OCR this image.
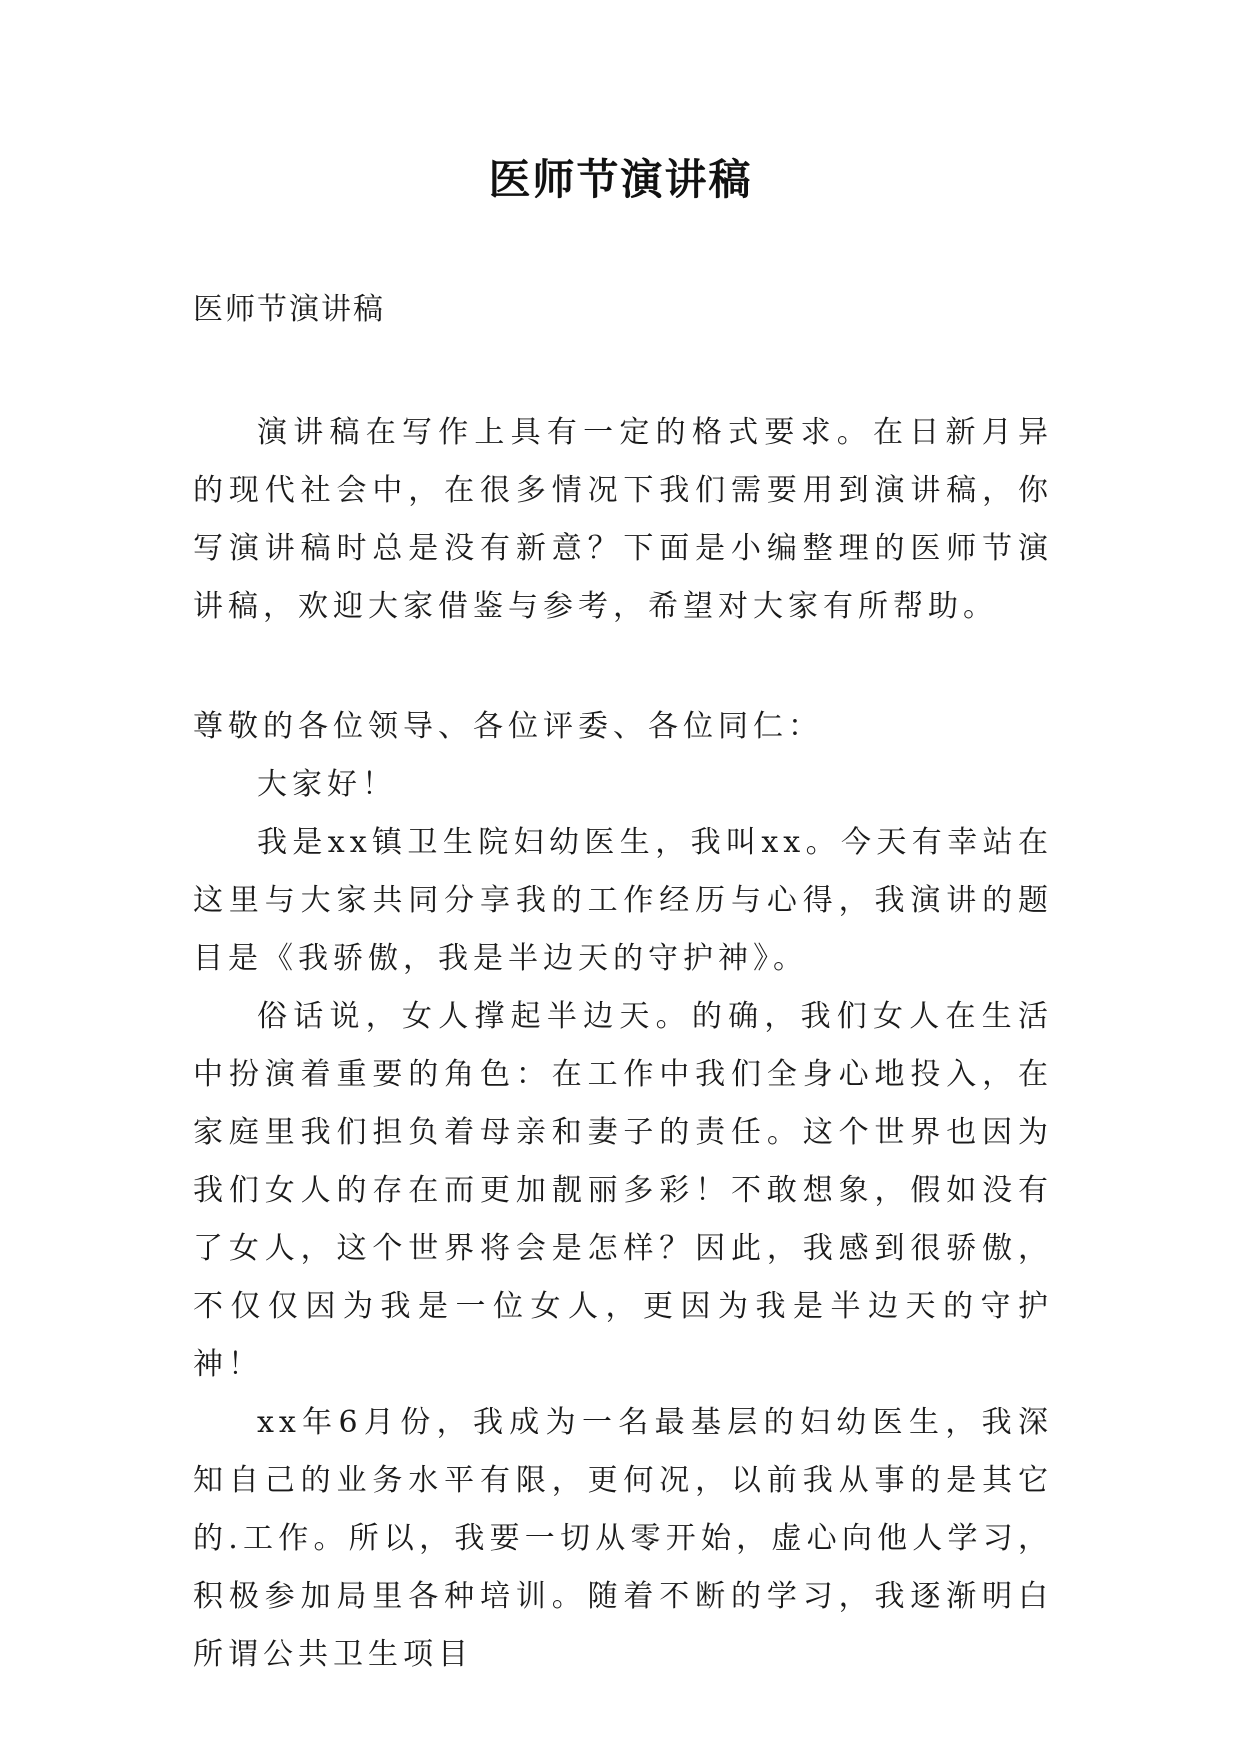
医师节演讲稿
医师节演讲稿

演讲稿在写作上具有一定的格式要求。在日新月异的现代社会中，在很多情况下我们需要用到演讲稿，你写演讲稿时总是没有新意？下面是小编整理的医师节演讲稿，欢迎大家借鉴与参考，希望对大家有所帮助。

尊敬的各位领导、各位评委、各位同仁：

大家好！

我是xx镇卫生院妇幼医生，我叫xx。今天有幸站在这里与大家共同分享我的工作经历与心得，我演讲的题目是《我骄傲，我是半边天的守护神》。

俗话说，女人撑起半边天。的确，我们女人在生活中扮演着重要的角色：在工作中我们全身心地投入，在家庭里我们担负着母亲和妻子的责任。这个世界也因为我们女人的存在而更加靓丽多彩！不敢想象，假如没有了女人，这个世界将会是怎样？因此，我感到很骄傲，不仅仅因为我是一位女人，更因为我是半边天的守护神！

xx年6月份，我成为一名最基层的妇幼医生，我深知自己的业务水平有限，更何况，以前我从事的是其它的.工作。所以，我要一切从零开始，虚心向他人学习，积极参加局里各种培训。随着不断的学习，我逐渐明白所谓公共卫生项目
